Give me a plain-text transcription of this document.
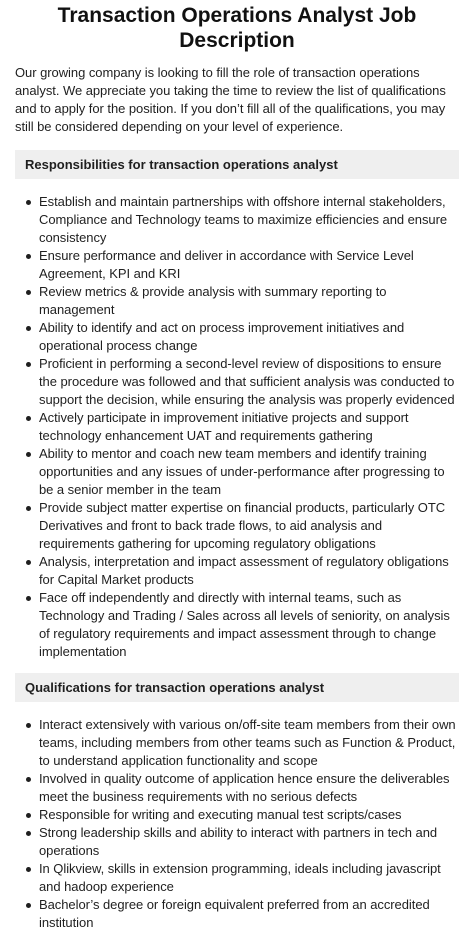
Transaction Operations Analyst Job Description

Our growing company is looking to fill the role of transaction operations analyst. We appreciate you taking the time to review the list of qualifications and to apply for the position. If you don’t fill all of the qualifications, you may still be considered depending on your level of experience.

Responsibilities for transaction operations analyst
Establish and maintain partnerships with offshore internal stakeholders, Compliance and Technology teams to maximize efficiencies and ensure consistency
Ensure performance and deliver in accordance with Service Level Agreement, KPI and KRI
Review metrics & provide analysis with summary reporting to management
Ability to identify and act on process improvement initiatives and operational process change
Proficient in performing a second-level review of dispositions to ensure the procedure was followed and that sufficient analysis was conducted to support the decision, while ensuring the analysis was properly evidenced
Actively participate in improvement initiative projects and support technology enhancement UAT and requirements gathering
Ability to mentor and coach new team members and identify training opportunities and any issues of under-performance after progressing to be a senior member in the team
Provide subject matter expertise on financial products, particularly OTC Derivatives and front to back trade flows, to aid analysis and requirements gathering for upcoming regulatory obligations
Analysis, interpretation and impact assessment of regulatory obligations for Capital Market products
Face off independently and directly with internal teams, such as Technology and Trading / Sales across all levels of seniority, on analysis of regulatory requirements and impact assessment through to change implementation
Qualifications for transaction operations analyst
Interact extensively with various on/off-site team members from their own teams, including members from other teams such as Function & Product, to understand application functionality and scope
Involved in quality outcome of application hence ensure the deliverables meet the business requirements with no serious defects
Responsible for writing and executing manual test scripts/cases
Strong leadership skills and ability to interact with partners in tech and operations
In Qlikview, skills in extension programming, ideals including javascript and hadoop experience
Bachelor’s degree or foreign equivalent preferred from an accredited institution
